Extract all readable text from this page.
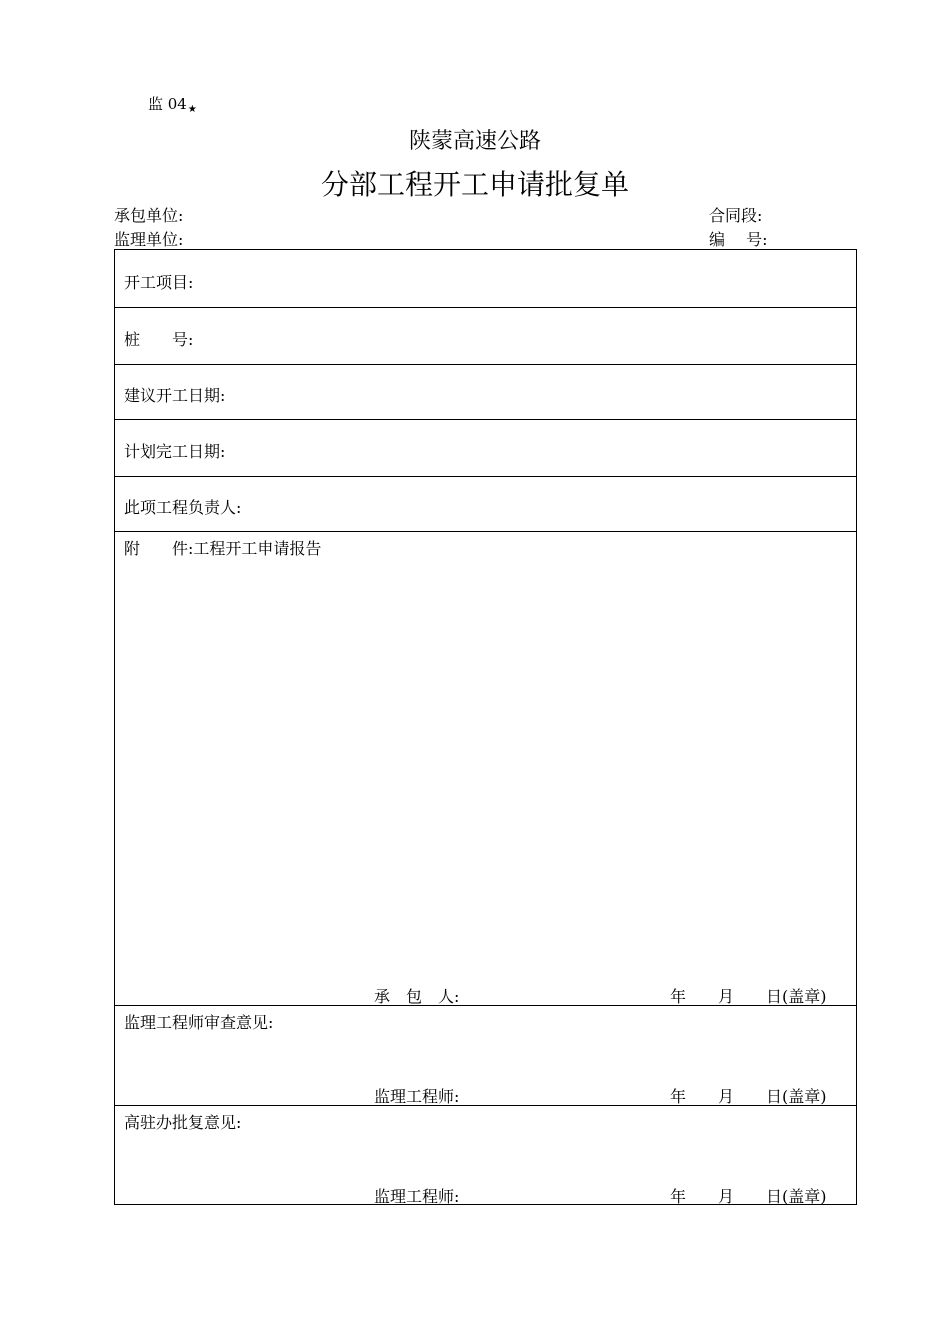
监 $04_★$
陕蒙高速公路
分部工程开工申请批复单
承包单位:
监理单位:
合同段:
编　 号:
开工项目:
桩　　号:
建议开工日期:
计划完工日期:
此项工程负责人:
附　　件:工程开工申请报告
承　包　人:	年 月 日(盖章)
监理工程师审查意见:
监理工程师:	年 月 日(盖章)
高驻办批复意见:
监理工程师:	年 月 日(盖章)
